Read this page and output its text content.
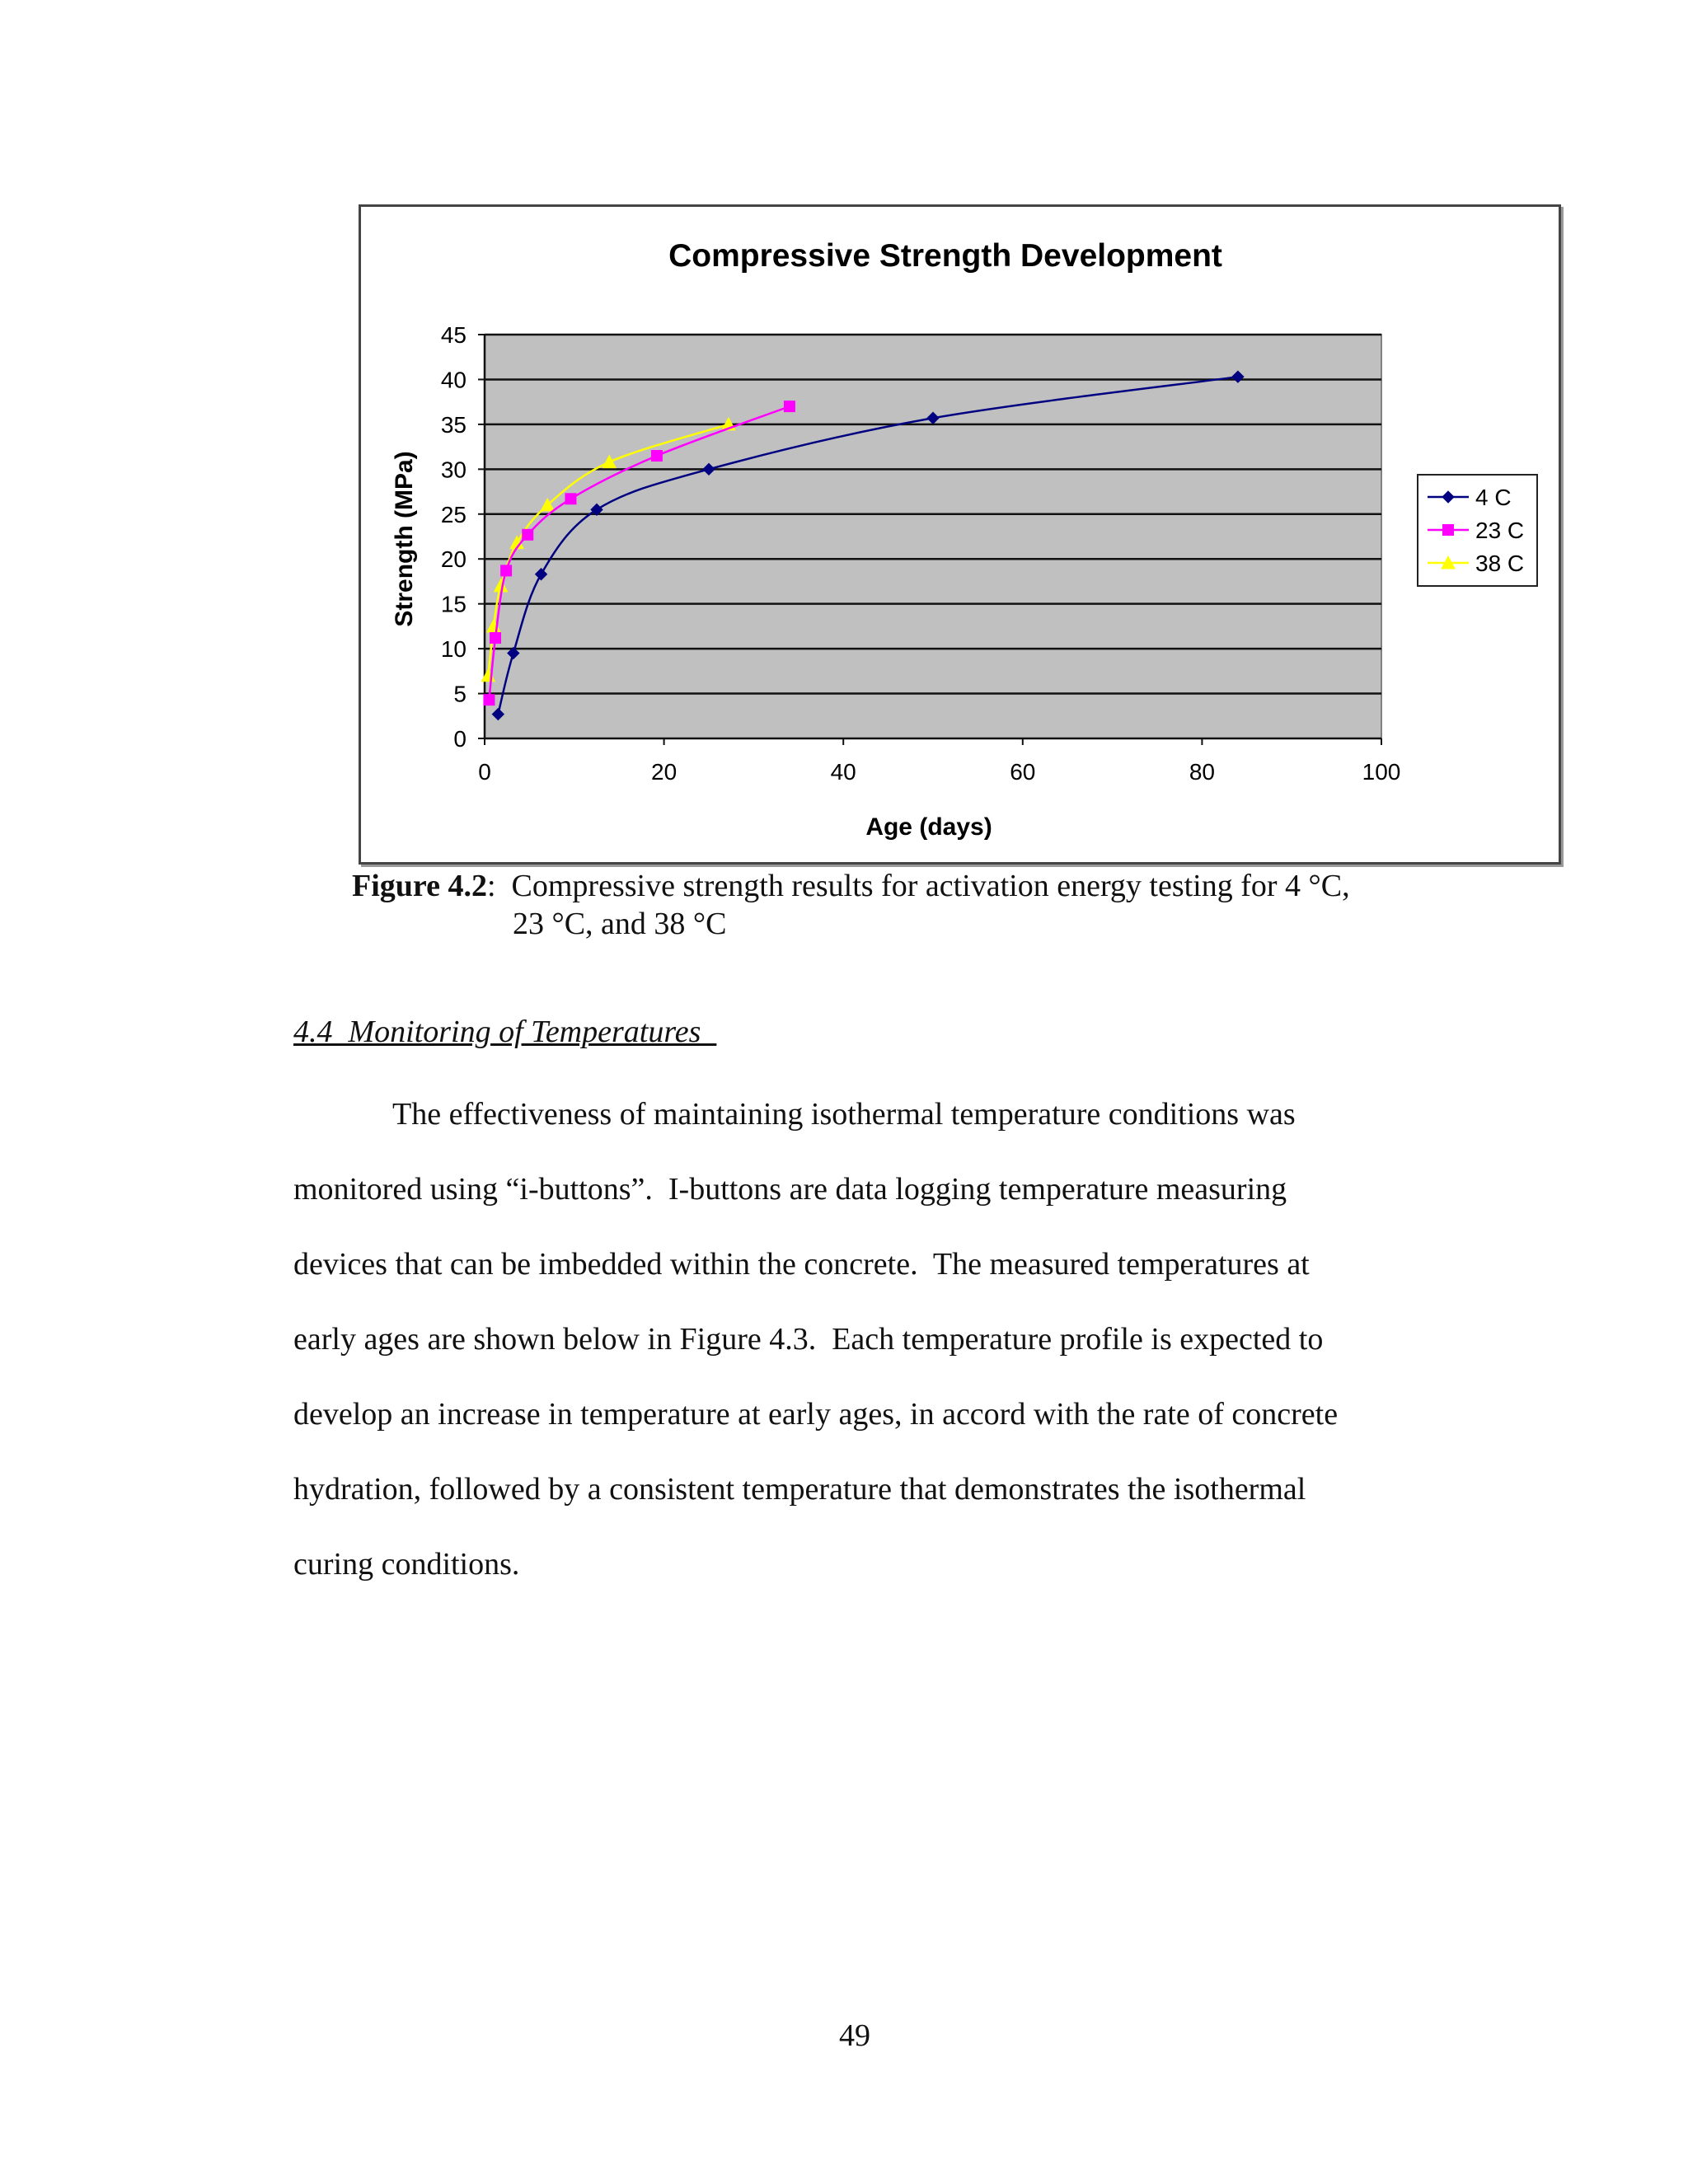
Compressive Strength Development
0
5
10
15
20
25
30
35
40
45
0	20	40	60	80	100
Age (days)
Strength (MPa)	4 C
23 C
38 C
Figure 4.2: Compressive strength results for activation energy testing for 4 °C,
23 °C, and 38 °C
4.4  Monitoring of Temperatures
The effectiveness of maintaining isothermal temperature conditions was
monitored using “i-buttons”.  I-buttons are data logging temperature measuring
devices that can be imbedded within the concrete.  The measured temperatures at
early ages are shown below in Figure 4.3.  Each temperature profile is expected to
develop an increase in temperature at early ages, in accord with the rate of concrete
hydration, followed by a consistent temperature that demonstrates the isothermal
curing conditions.
49
